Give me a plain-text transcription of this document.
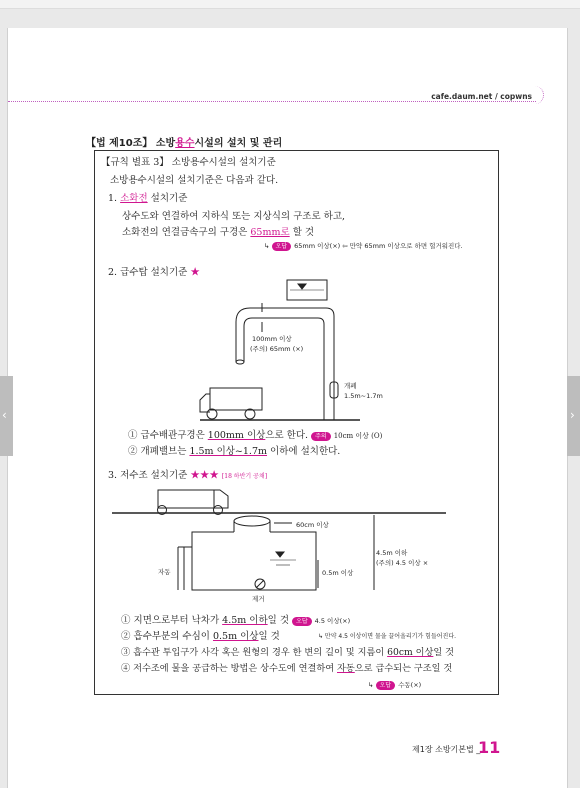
‹	›
cafe.daum.net / copwns
【법 제10조】 소방용수시설의 설치 및 관리
【규칙 별표 3】 소방용수시설의 설치기준
소방용수시설의 설치기준은 다음과 같다.
1. 소화전 설치기준
상수도와 연결하여 지하식 또는 지상식의 구조로 하고,
소화전의 연결금속구의 구경은 65mm로 할 것
↳ 오답 65mm 이상(×) ⇦ 만약 65mm 이상으로 하면 헐거워진다.
2. 급수탑 설치기준 ★
100mm 이상
(주의) 65mm (×)
개폐
1.5m~1.7m
① 급수배관구경은 100mm 이상으로 한다. 주의 10cm 이상 (O)
② 개폐밸브는 1.5m 이상~1.7m 이하에 설치한다.
3. 저수조 설치기준 ★★★ [18 하반기 공채]
60cm 이상
4.5m 이하
(주의) 4.5 이상 ×
0.5m 이상
자동
제거
① 지면으로부터 낙차가 4.5m 이하일 것 오답 4.5 이상(×)
② 흡수부분의 수심이 0.5m 이상일 것	↳ 만약 4.5 이상이면 물을 끌어올리기가 힘들어진다.
③ 흡수관 투입구가 사각 혹은 원형의 경우 한 변의 길이 및 지름이 60cm 이상일 것
④ 저수조에 물을 공급하는 방법은 상수도에 연결하여 자동으로 급수되는 구조일 것
↳ 오답 수동(×)
제1장 소방기본법 _
11
